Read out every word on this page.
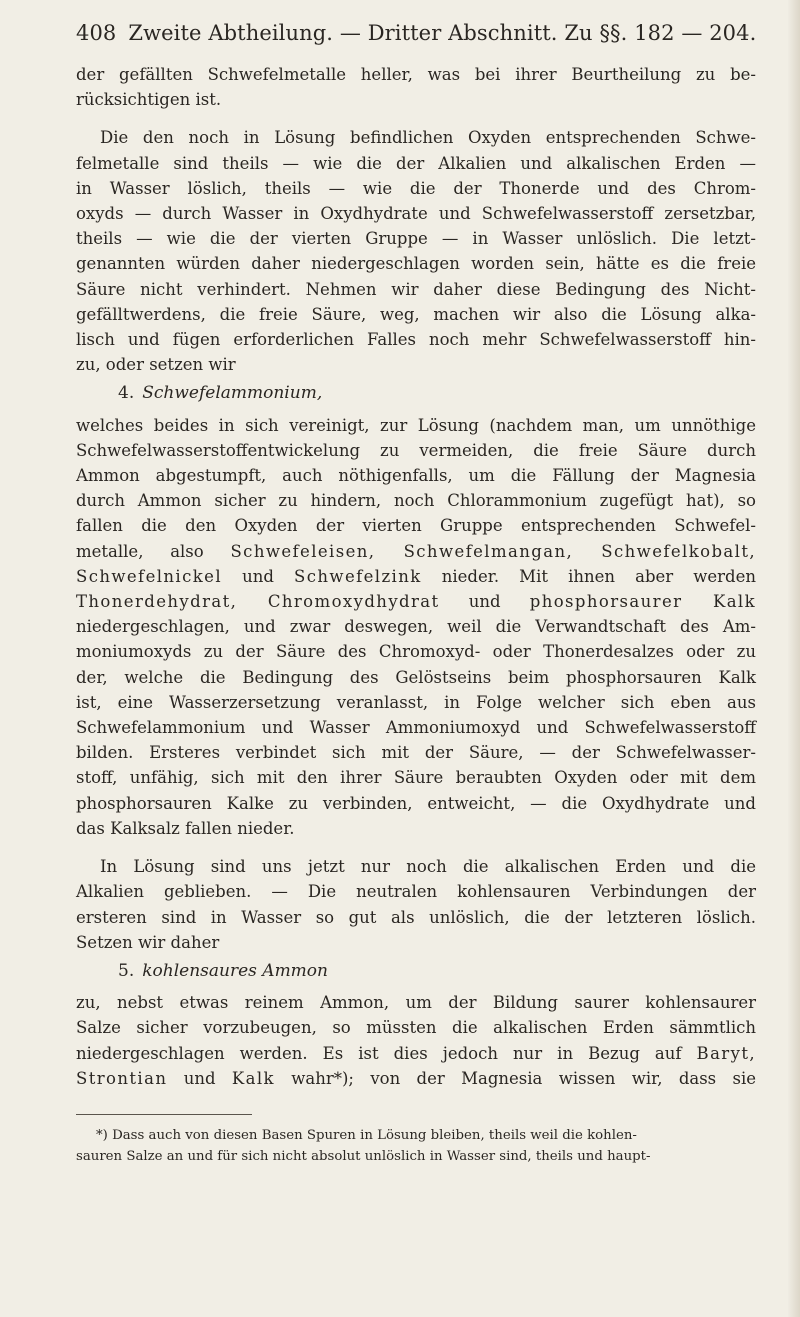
408 Zweite Abtheilung. — Dritter Abschnitt. Zu §§. 182 — 204.

der gefällten Schwefelmetalle heller, was bei ihrer Beurtheilung zu be-
rücksichtigen ist.

Die den noch in Lösung befindlichen Oxyden entsprechenden Schwe-
felmetalle sind theils — wie die der Alkalien und alkalischen Erden —
in Wasser löslich, theils — wie die der Thonerde und des Chrom-
oxyds — durch Wasser in Oxydhydrate und Schwefelwasserstoff zersetzbar,
theils — wie die der vierten Gruppe — in Wasser unlöslich. Die letzt-
genannten würden daher niedergeschlagen worden sein, hätte es die freie
Säure nicht verhindert. Nehmen wir daher diese Bedingung des Nicht-
gefälltwerdens, die freie Säure, weg, machen wir also die Lösung alka-
lisch und fügen erforderlichen Falles noch mehr Schwefelwasserstoff hin-
zu, oder setzen wir

4. Schwefelammonium,

welches beides in sich vereinigt, zur Lösung (nachdem man, um unnöthige
Schwefelwasserstoffentwickelung zu vermeiden, die freie Säure durch
Ammon abgestumpft, auch nöthigenfalls, um die Fällung der Magnesia
durch Ammon sicher zu hindern, noch Chlorammonium zugefügt hat), so
fallen die den Oxyden der vierten Gruppe entsprechenden Schwefel-
metalle, also Schwefeleisen, Schwefelmangan, Schwefelkobalt,
Schwefelnickel und Schwefelzink nieder. Mit ihnen aber werden
Thonerdehydrat, Chromoxydhydrat und phosphorsaurer Kalk
niedergeschlagen, und zwar deswegen, weil die Verwandtschaft des Am-
moniumoxyds zu der Säure des Chromoxyd- oder Thonerdesalzes oder zu
der, welche die Bedingung des Gelöstseins beim phosphorsauren Kalk
ist, eine Wasserzersetzung veranlasst, in Folge welcher sich eben aus
Schwefelammonium und Wasser Ammoniumoxyd und Schwefelwasserstoff
bilden. Ersteres verbindet sich mit der Säure, — der Schwefelwasser-
stoff, unfähig, sich mit den ihrer Säure beraubten Oxyden oder mit dem
phosphorsauren Kalke zu verbinden, entweicht, — die Oxydhydrate und
das Kalksalz fallen nieder.

In Lösung sind uns jetzt nur noch die alkalischen Erden und die
Alkalien geblieben. — Die neutralen kohlensauren Verbindungen der
ersteren sind in Wasser so gut als unlöslich, die der letzteren löslich.
Setzen wir daher

5. kohlensaures Ammon

zu, nebst etwas reinem Ammon, um der Bildung saurer kohlensaurer
Salze sicher vorzubeugen, so müssten die alkalischen Erden sämmtlich
niedergeschlagen werden. Es ist dies jedoch nur in Bezug auf Baryt,
Strontian und Kalk wahr*); von der Magnesia wissen wir, dass sie

*) Dass auch von diesen Basen Spuren in Lösung bleiben, theils weil die kohlen-

sauren Salze an und für sich nicht absolut unlöslich in Wasser sind, theils und haupt-
